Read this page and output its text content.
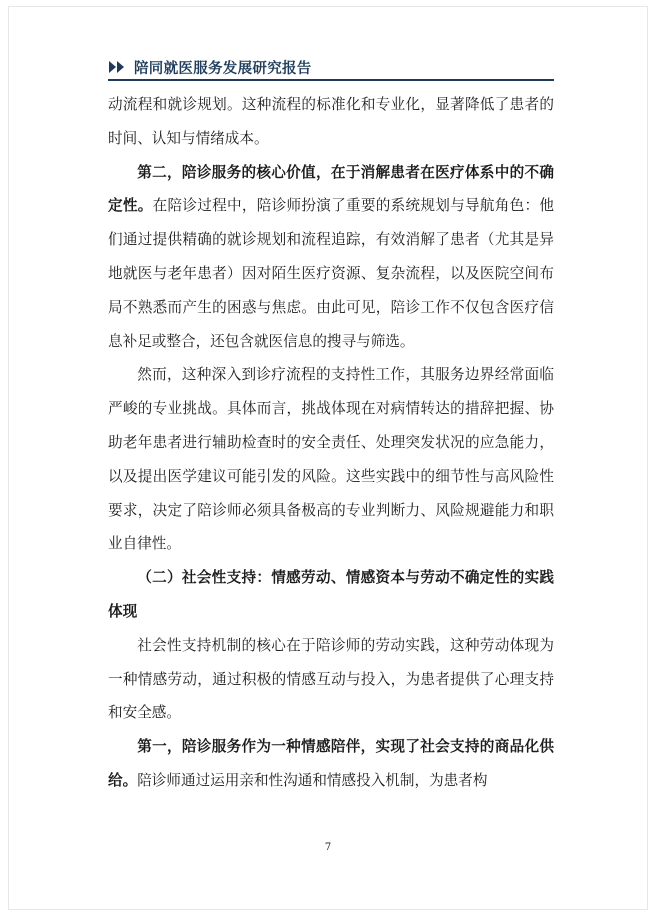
陪同就医服务发展研究报告

动流程和就诊规划。这种流程的标准化和专业化，显著降低了患者的时间、认知与情绪成本。

第二，陪诊服务的核心价值，在于消解患者在医疗体系中的不确定性。在陪诊过程中，陪诊师扮演了重要的系统规划与导航角色：他们通过提供精确的就诊规划和流程追踪，有效消解了患者（尤其是异地就医与老年患者）因对陌生医疗资源、复杂流程，以及医院空间布局不熟悉而产生的困惑与焦虑。由此可见，陪诊工作不仅包含医疗信息补足或整合，还包含就医信息的搜寻与筛选。

然而，这种深入到诊疗流程的支持性工作，其服务边界经常面临严峻的专业挑战。具体而言，挑战体现在对病情转达的措辞把握、协助老年患者进行辅助检查时的安全责任、处理突发状况的应急能力，以及提出医学建议可能引发的风险。这些实践中的细节性与高风险性要求，决定了陪诊师必须具备极高的专业判断力、风险规避能力和职业自律性。

（二）社会性支持：情感劳动、情感资本与劳动不确定性的实践体现

社会性支持机制的核心在于陪诊师的劳动实践，这种劳动体现为一种情感劳动，通过积极的情感互动与投入，为患者提供了心理支持和安全感。

第一，陪诊服务作为一种情感陪伴，实现了社会支持的商品化供给。陪诊师通过运用亲和性沟通和情感投入机制，为患者构

7
